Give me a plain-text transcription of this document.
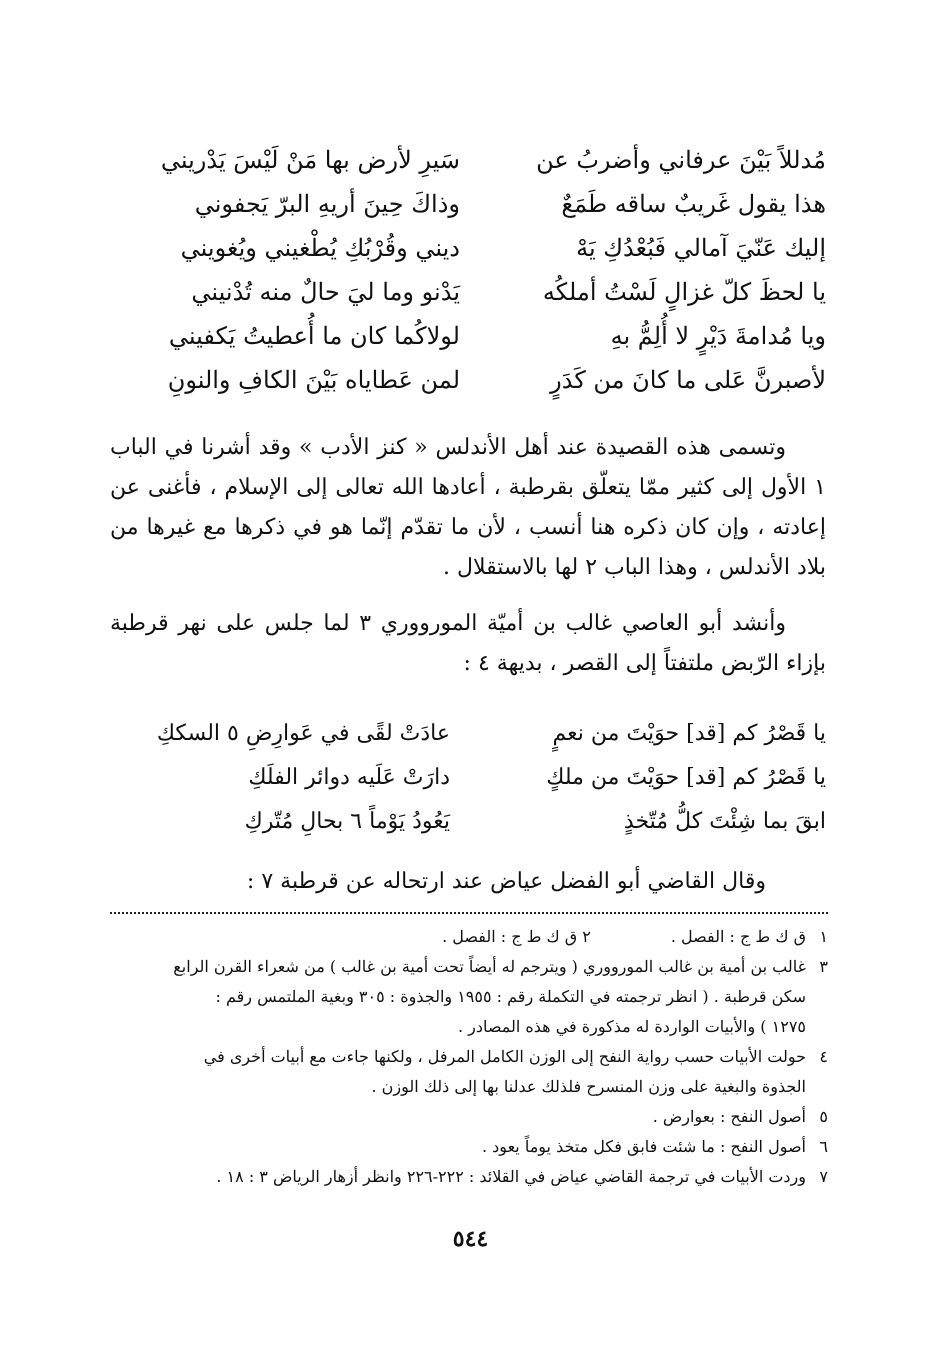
مُدللاً بَيْنَ عرفاني وأضربُ عن
سَيرِ لأرض بها مَنْ لَيْسَ يَدْريني
هذا يقول غَريبٌ ساقه طَمَعٌ
وذاكَ حِينَ أريهِ البرّ يَجفوني
إليك عَنّيَ آمالي فَبُعْدُكِ يَهْ
ديني وقُرْبُكِ يُطْغيني ويُغويني
يا لحظَ كلّ غزالٍ لَسْتُ أملكُه
يَدْنو وما ليَ حالٌ منه تُدْنيني
ويا مُدامةَ دَيْرٍ لا أُلِمُّ بهِ
لولاكُما كان ما أُعطيتُ يَكفيني
لأصبرنَّ عَلى ما كانَ من كَدَرٍ
لمن عَطاياه بَيْنَ الكافِ والنونِ
وتسمى هذه القصيدة عند أهل الأندلس « كنز الأدب » وقد أشرنا في الباب ١ الأول إلى كثير ممّا يتعلّق بقرطبة ، أعادها الله تعالى إلى الإسلام ، فأغنى عن إعادته ، وإن كان ذكره هنا أنسب ، لأن ما تقدّم إنّما هو في ذكرها مع غيرها من بلاد الأندلس ، وهذا الباب ٢ لها بالاستقلال .
وأنشد أبو العاصي غالب بن أميّة المورووري ٣ لما جلس على نهر قرطبة بإزاء الرّبض ملتفتاً إلى القصر ، بديهة ٤ :
يا قَصْرُ كم [قد] حوَيْتَ من نعمٍ
عادَتْ لقًى في عَوارِضِ ٥ السككِ
يا قَصْرُ كم [قد] حوَيْتَ من ملكٍ
دارَتْ عَلَيه دوائر الفلَكِ
ابقَ بما شِئْتَ كلُّ مُتّخذٍ
يَعُودُ يَوْماً ٦ بحالِ مُتّركِ
وقال القاضي أبو الفضل عياض عند ارتحاله عن قرطبة ٧ :
١
ق ك ط ج : الفصل .٢ ق ك ط ج : الفصل .
٣
غالب بن أمية بن غالب المورووري ( ويترجم له أيضاً تحت أمية بن غالب ) من شعراء القرن الرابع
سكن قرطبة . ( انظر ترجمته في التكملة رقم : ١٩٥٥ والجذوة : ٣٠٥ وبغية الملتمس رقم :
١٢٧٥ ) والأبيات الواردة له مذكورة في هذه المصادر .
٤
حولت الأبيات حسب رواية النفح إلى الوزن الكامل المرفل ، ولكنها جاءت مع أبيات أخرى في
الجذوة والبغية على وزن المنسرح فلذلك عدلنا بها إلى ذلك الوزن .
٥
أصول النفح : بعوارض .
٦
أصول النفح : ما شئت فابق فكل متخذ يوماً يعود .
٧
وردت الأبيات في ترجمة القاضي عياض في القلائد : ٢٢٢-٢٢٦ وانظر أزهار الرياض ٣ : ١٨ .
٥٤٤
